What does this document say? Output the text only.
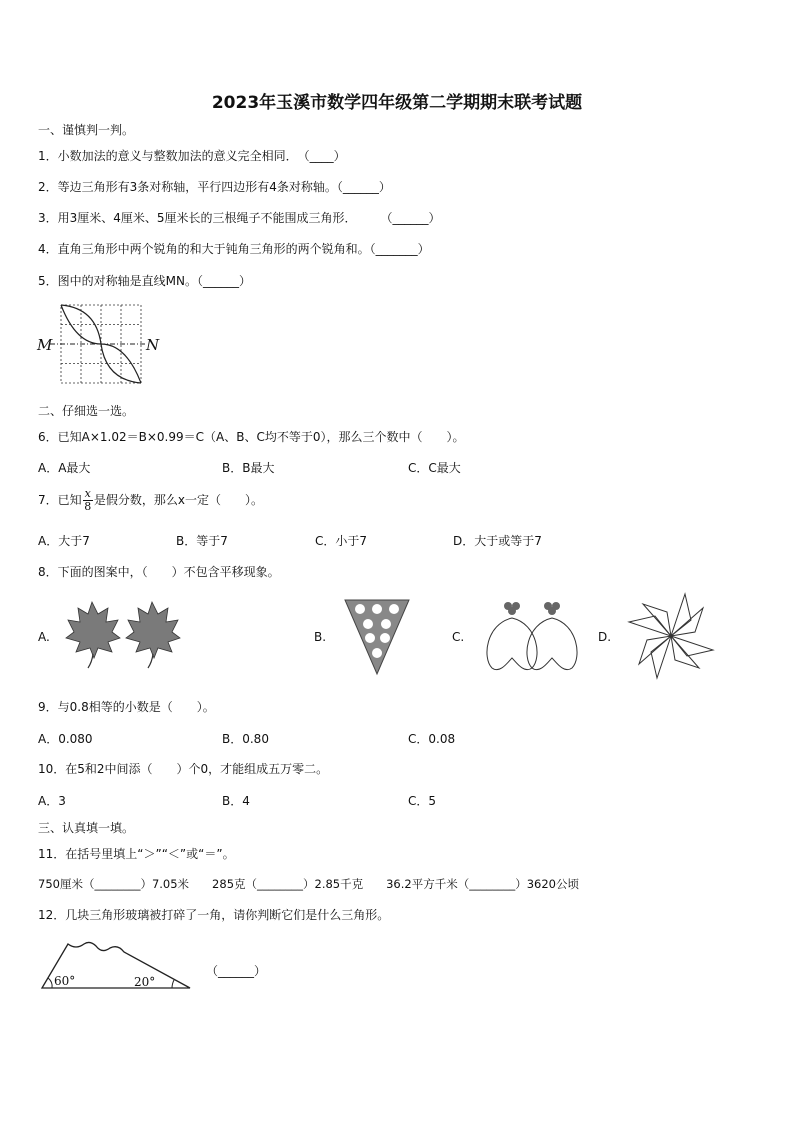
2023年玉溪市数学四年级第二学期期末联考试题
一、谨慎判一判。
1．小数加法的意义与整数加法的意义完全相同．　（____）
2．等边三角形有3条对称轴，平行四边形有4条对称轴。（______）
3．用3厘米、4厘米、5厘米长的三根绳子不能围成三角形．　　　（______）
4．直角三角形中两个锐角的和大于钝角三角形的两个锐角和。（_______）
5．图中的对称轴是直线MN。（______）
M	N
二、仔细选一选。
6．已知A×1.02＝B×0.99＝C（A、B、C均不等于0），那么三个数中（　　）。
A．A最大	B．B最大	C．C最大
7．已知 $\frac{x}{8}$ 是假分数，那么x一定（　　）。
A．大于7	B．等于7	C．小于7	D．大于或等于7
8．下面的图案中，（　　）不包含平移现象。
A.	B.	C.	D.
9．与0.8相等的小数是（　　）。
A．0.080	B．0.80	C．0.08
10．在5和2中间添（　　）个0，才能组成五万零二。
A．3	B．4	C．5
三、认真填一填。
11．在括号里填上“＞”“＜”或“＝”。
750厘米（________）7.05米　　285克（________）2.85千克　　36.2平方千米（________）3620公顷
12．几块三角形玻璃被打碎了一角，请你判断它们是什么三角形。
60°	20°
（______）
